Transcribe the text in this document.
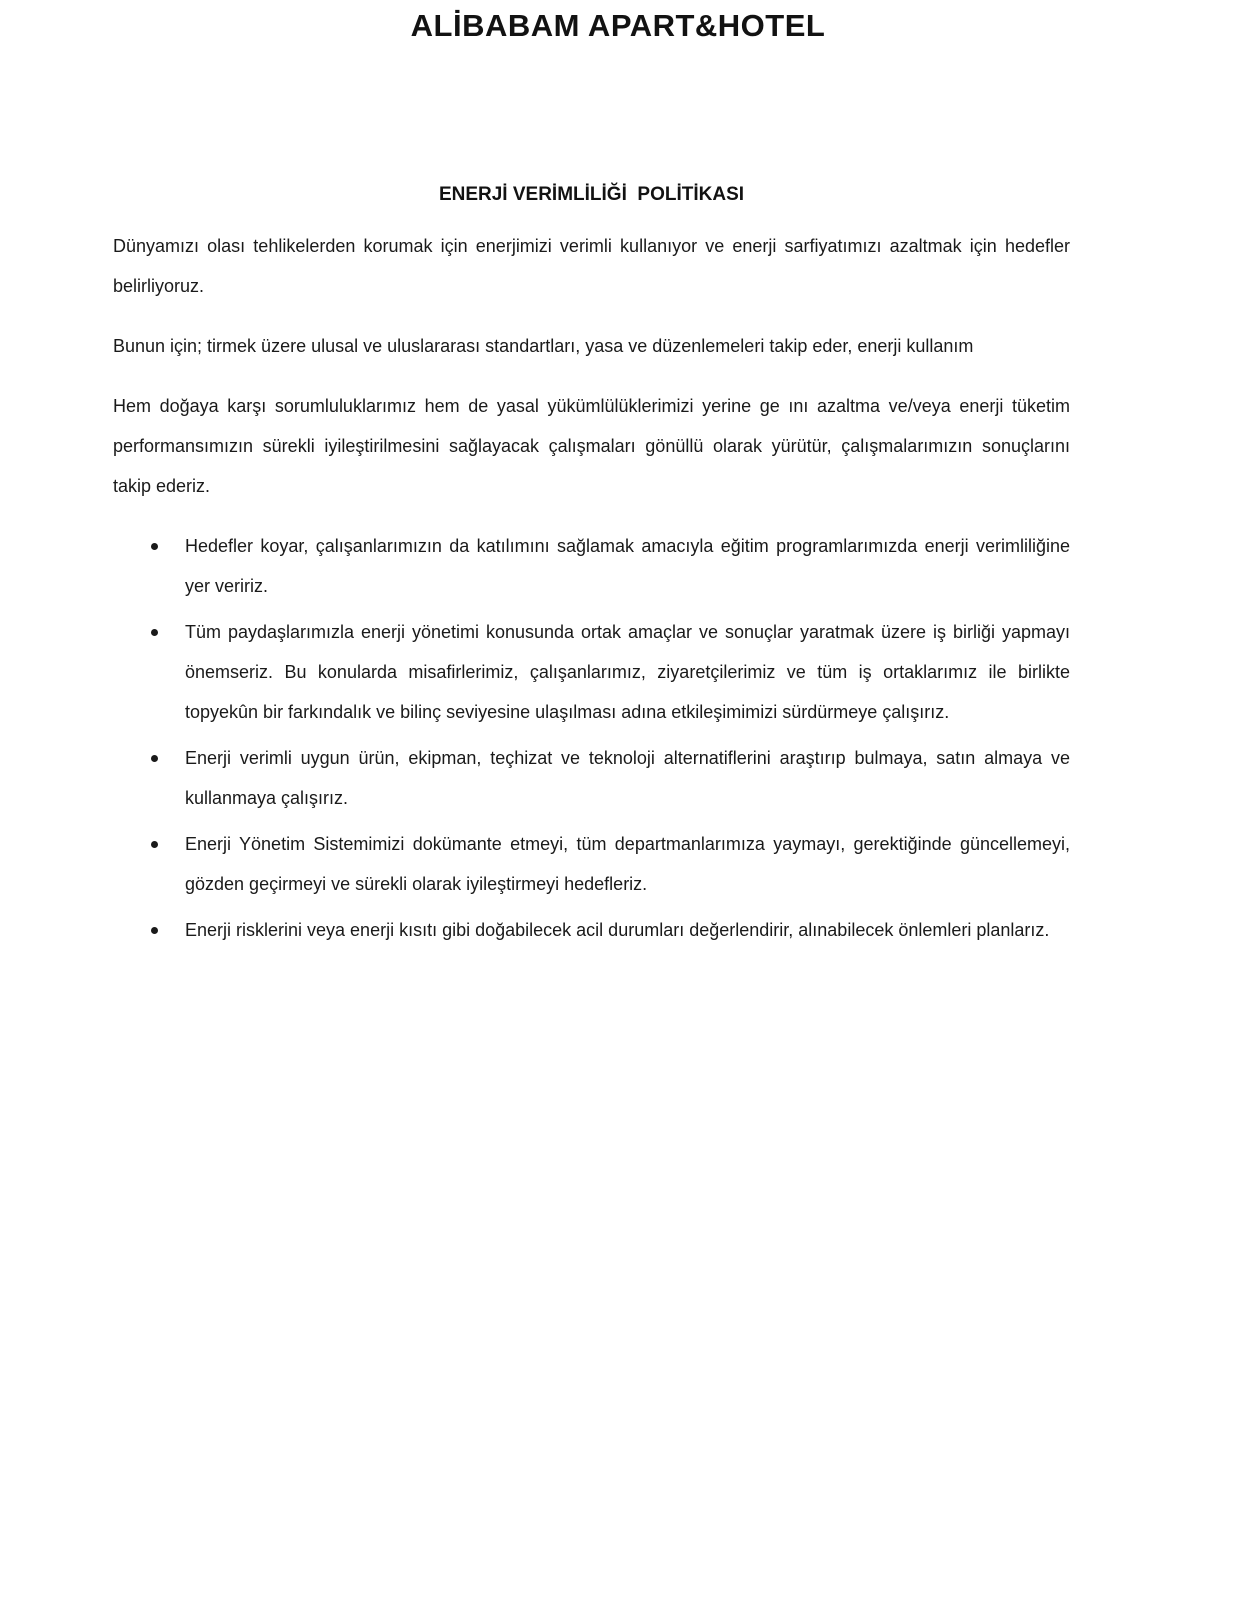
ALİBABAM APART&HOTEL
ENERJİ VERİMLİLİĞİ  POLİTİKASI

Dünyamızı olası tehlikelerden korumak için enerjimizi verimli kullanıyor ve enerji sarfiyatımızı azaltmak için hedefler belirliyoruz.

Bunun için; tirmek üzere ulusal ve uluslararası standartları, yasa ve düzenlemeleri takip eder, enerji kullanım

Hem doğaya karşı sorumluluklarımız hem de yasal yükümlülüklerimizi yerine ge ını azaltma ve/veya enerji tüketim performansımızın sürekli iyileştirilmesini sağlayacak çalışmaları gönüllü olarak yürütür, çalışmalarımızın sonuçlarını takip ederiz.

Hedefler koyar, çalışanlarımızın da katılımını sağlamak amacıyla eğitim programlarımızda enerji verimliliğine yer veririz.
Tüm paydaşlarımızla enerji yönetimi konusunda ortak amaçlar ve sonuçlar yaratmak üzere iş birliği yapmayı önemseriz. Bu konularda misafirlerimiz, çalışanlarımız, ziyaretçilerimiz ve tüm iş ortaklarımız ile birlikte topyekûn bir farkındalık ve bilinç seviyesine ulaşılması adına etkileşimimizi sürdürmeye çalışırız.
Enerji verimli uygun ürün, ekipman, teçhizat ve teknoloji alternatiflerini araştırıp bulmaya, satın almaya ve kullanmaya çalışırız.
Enerji Yönetim Sistemimizi dokümante etmeyi, tüm departmanlarımıza yaymayı, gerektiğinde güncellemeyi, gözden geçirmeyi ve sürekli olarak iyileştirmeyi hedefleriz.
Enerji risklerini veya enerji kısıtı gibi doğabilecek acil durumları değerlendirir, alınabilecek önlemleri planlarız.
